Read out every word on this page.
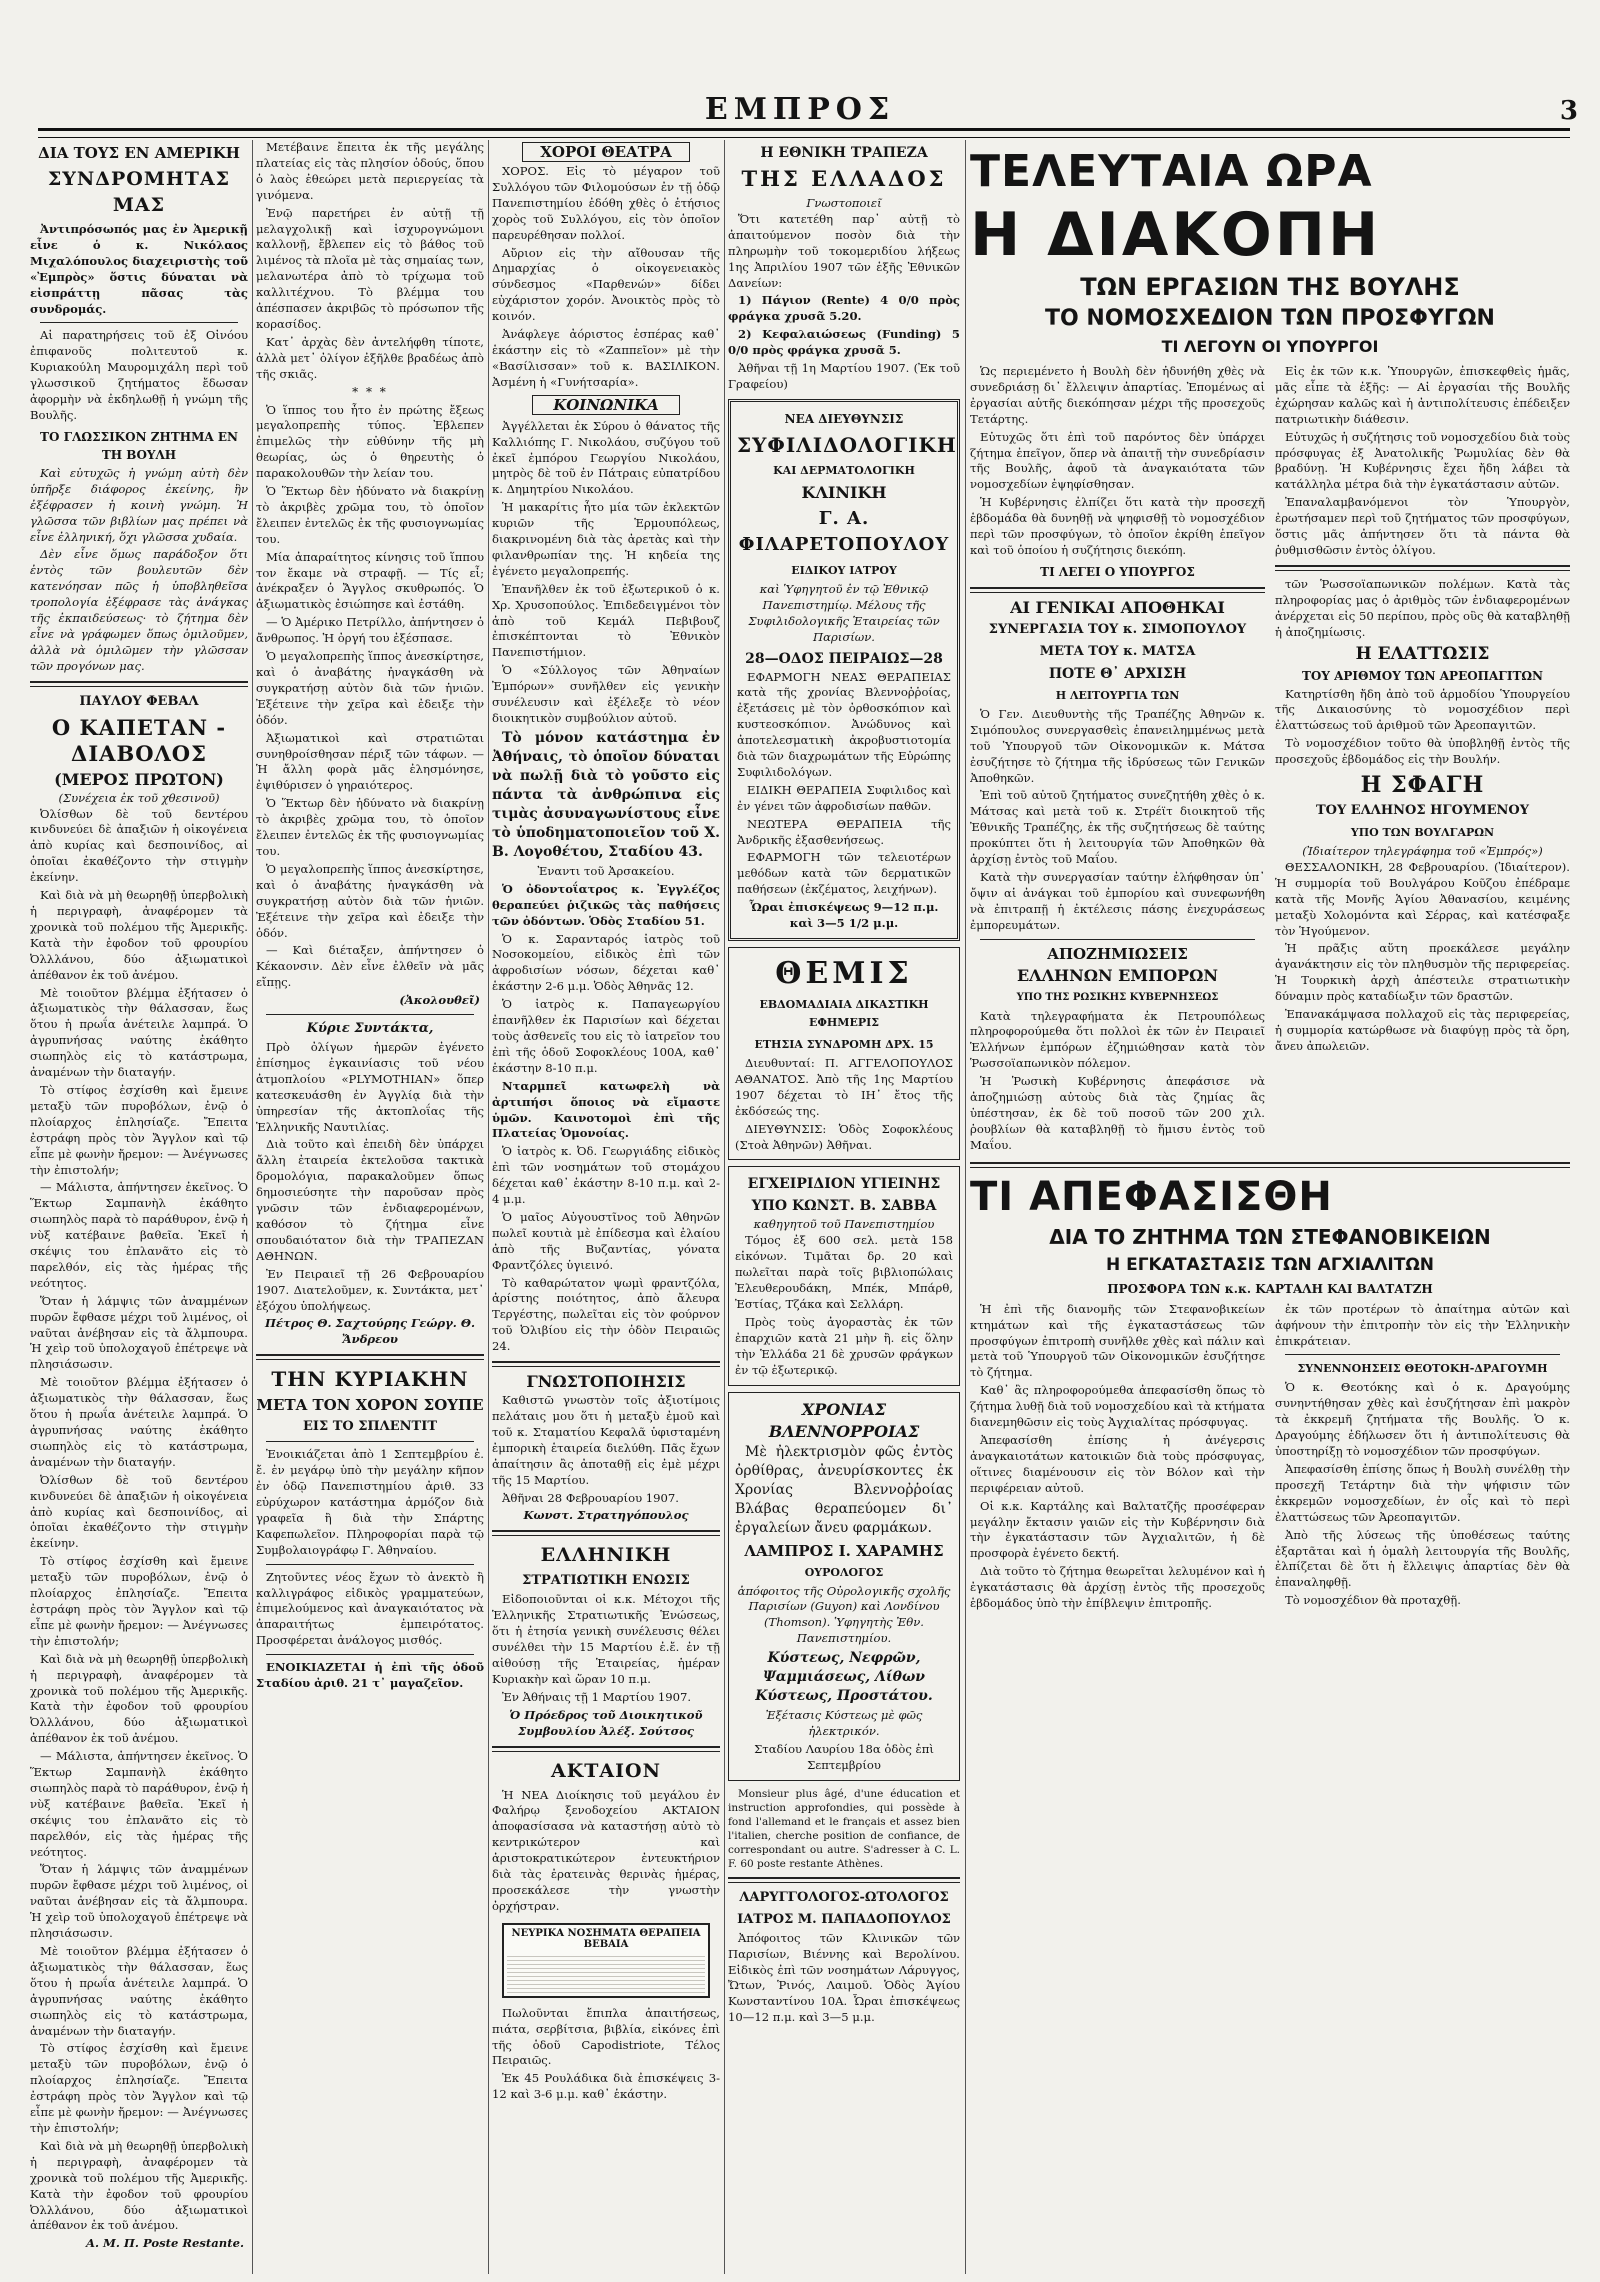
ΕΜΠΡΟΣ	3
ΔΙΑ ΤΟΥΣ ΕΝ ΑΜΕΡΙΚΗ
ΣΥΝΔΡΟΜΗΤΑΣ ΜΑΣ

Ἀντιπρόσωπός μας ἐν Ἀμερικῇ εἶνε ὁ κ. Νικόλαος Μιχαλόπουλος διαχειριστὴς τοῦ «Ἐμπρὸς» ὅστις δύναται νὰ εἰσπράττῃ πᾶσας τὰς συνδρομάς.

Αἱ παρατηρήσεις τοῦ ἐξ Οἰνόου ἐπιφανοῦς πολιτευτοῦ κ. Κυριακούλη Μαυρομιχάλη περὶ τοῦ γλωσσικοῦ ζητήματος ἔδωσαν ἀφορμὴν νὰ ἐκδηλωθῇ ἡ γνώμη τῆς Βουλῆς.

ΤΟ ΓΛΩΣΣΙΚΟΝ ΖΗΤΗΜΑ ΕΝ ΤΗ ΒΟΥΛΗ

Καὶ εὐτυχῶς ἡ γνώμη αὐτὴ δὲν ὑπῆρξε διάφορος ἐκείνης, ἣν ἐξέφρασεν ἡ κοινὴ γνώμη. Ἡ γλῶσσα τῶν βιβλίων μας πρέπει νὰ εἶνε ἐλληνική, ὅχι γλῶσσα χυδαία.

Δὲν εἶνε ὅμως παράδοξον ὅτι ἐντὸς τῶν βουλευτῶν δὲν κατενόησαν πῶς ἡ ὑποβληθεῖσα τροπολογία ἐξέφρασε τὰς ἀνάγκας τῆς ἐκπαιδεύσεως· τὸ ζήτημα δὲν εἶνε νὰ γράφωμεν ὅπως ὁμιλοῦμεν, ἀλλὰ νὰ ὁμιλῶμεν τὴν γλῶσσαν τῶν προγόνων μας.

ΠΑΥΛΟΥ ΦΕΒΑΛ
Ο ΚΑΠΕΤΑΝ - ΔΙΑΒΟΛΟΣ
(ΜΕΡΟΣ ΠΡΩΤΟΝ)
(Συνέχεια ἐκ τοῦ χθεσινοῦ)

Ὀλίσθων δὲ τοῦ δεντέρου κινδυνεύει δὲ ἀπαξιῶν ἡ οἰκογένεια ἀπὸ κυρίας καὶ δεσποινίδος, αἱ ὁποῖαι ἐκαθέζοντο τὴν στιγμὴν ἐκείνην.

Καὶ διὰ νὰ μὴ θεωρηθῇ ὑπερβολικὴ ἡ περιγραφὴ, ἀναφέρομεν τὰ χρονικὰ τοῦ πολέμου τῆς Ἀμερικῆς. Κατὰ τὴν ἐφοδον τοῦ φρουρίου Ὀλλλάνου, δύο ἀξιωματικοὶ ἀπέθανον ἐκ τοῦ ἀνέμου.

Μὲ τοιοῦτον βλέμμα ἐξήτασεν ὁ ἀξιωματικὸς τὴν θάλασσαν, ἕως ὅτου ἡ πρωΐα ἀνέτειλε λαμπρά. Ὁ ἀγρυπνήσας ναύτης ἐκάθητο σιωπηλὸς εἰς τὸ κατάστρωμα, ἀναμένων τὴν διαταγήν.

Τὸ στίφος ἐσχίσθη καὶ ἔμεινε μεταξὺ τῶν πυροβόλων, ἐνῷ ὁ πλοίαρχος ἐπλησίαζε. Ἔπειτα ἐστράφη πρὸς τὸν Ἄγγλον καὶ τῷ εἶπε μὲ φωνὴν ἤρεμον: — Ἀνέγνωσες τὴν ἐπιστολήν;

— Μάλιστα, ἀπήντησεν ἐκεῖνος. Ὁ Ἕκτωρ Σαμπανὴλ ἐκάθητο σιωπηλὸς παρὰ τὸ παράθυρον, ἐνῷ ἡ νὺξ κατέβαινε βαθεῖα. Ἐκεῖ ἡ σκέψις του ἐπλανᾶτο εἰς τὸ παρελθόν, εἰς τὰς ἡμέρας τῆς νεότητος.

Ὅταν ἡ λάμψις τῶν ἀναμμένων πυρῶν ἔφθασε μέχρι τοῦ λιμένος, οἱ ναῦται ἀνέβησαν εἰς τὰ ἄλμπουρα. Ἡ χεὶρ τοῦ ὑπολοχαγοῦ ἐπέτρεψε νὰ πλησιάσωσιν.

Μὲ τοιοῦτον βλέμμα ἐξήτασεν ὁ ἀξιωματικὸς τὴν θάλασσαν, ἕως ὅτου ἡ πρωΐα ἀνέτειλε λαμπρά. Ὁ ἀγρυπνήσας ναύτης ἐκάθητο σιωπηλὸς εἰς τὸ κατάστρωμα, ἀναμένων τὴν διαταγήν.

Ὀλίσθων δὲ τοῦ δεντέρου κινδυνεύει δὲ ἀπαξιῶν ἡ οἰκογένεια ἀπὸ κυρίας καὶ δεσποινίδος, αἱ ὁποῖαι ἐκαθέζοντο τὴν στιγμὴν ἐκείνην.

Τὸ στίφος ἐσχίσθη καὶ ἔμεινε μεταξὺ τῶν πυροβόλων, ἐνῷ ὁ πλοίαρχος ἐπλησίαζε. Ἔπειτα ἐστράφη πρὸς τὸν Ἄγγλον καὶ τῷ εἶπε μὲ φωνὴν ἤρεμον: — Ἀνέγνωσες τὴν ἐπιστολήν;

Καὶ διὰ νὰ μὴ θεωρηθῇ ὑπερβολικὴ ἡ περιγραφὴ, ἀναφέρομεν τὰ χρονικὰ τοῦ πολέμου τῆς Ἀμερικῆς. Κατὰ τὴν ἐφοδον τοῦ φρουρίου Ὀλλλάνου, δύο ἀξιωματικοὶ ἀπέθανον ἐκ τοῦ ἀνέμου.

— Μάλιστα, ἀπήντησεν ἐκεῖνος. Ὁ Ἕκτωρ Σαμπανὴλ ἐκάθητο σιωπηλὸς παρὰ τὸ παράθυρον, ἐνῷ ἡ νὺξ κατέβαινε βαθεῖα. Ἐκεῖ ἡ σκέψις του ἐπλανᾶτο εἰς τὸ παρελθόν, εἰς τὰς ἡμέρας τῆς νεότητος.

Ὅταν ἡ λάμψις τῶν ἀναμμένων πυρῶν ἔφθασε μέχρι τοῦ λιμένος, οἱ ναῦται ἀνέβησαν εἰς τὰ ἄλμπουρα. Ἡ χεὶρ τοῦ ὑπολοχαγοῦ ἐπέτρεψε νὰ πλησιάσωσιν.

Μὲ τοιοῦτον βλέμμα ἐξήτασεν ὁ ἀξιωματικὸς τὴν θάλασσαν, ἕως ὅτου ἡ πρωΐα ἀνέτειλε λαμπρά. Ὁ ἀγρυπνήσας ναύτης ἐκάθητο σιωπηλὸς εἰς τὸ κατάστρωμα, ἀναμένων τὴν διαταγήν.

Τὸ στίφος ἐσχίσθη καὶ ἔμεινε μεταξὺ τῶν πυροβόλων, ἐνῷ ὁ πλοίαρχος ἐπλησίαζε. Ἔπειτα ἐστράφη πρὸς τὸν Ἄγγλον καὶ τῷ εἶπε μὲ φωνὴν ἤρεμον: — Ἀνέγνωσες τὴν ἐπιστολήν;

Καὶ διὰ νὰ μὴ θεωρηθῇ ὑπερβολικὴ ἡ περιγραφὴ, ἀναφέρομεν τὰ χρονικὰ τοῦ πολέμου τῆς Ἀμερικῆς. Κατὰ τὴν ἐφοδον τοῦ φρουρίου Ὀλλλάνου, δύο ἀξιωματικοὶ ἀπέθανον ἐκ τοῦ ἀνέμου.

Α. Μ. Π. Poste Restante.

Μετέβαινε ἔπειτα ἐκ τῆς μεγάλης πλατείας εἰς τὰς πλησίον ὁδούς, ὅπου ὁ λαὸς ἐθεώρει μετὰ περιεργείας τὰ γινόμενα.

Ἐνῷ παρετήρει ἐν αὐτῇ τῇ μελαγχολικῇ καὶ ἰσχυρογνώμονι καλλονῇ, ἔβλεπεν εἰς τὸ βάθος τοῦ λιμένος τὰ πλοῖα μὲ τὰς σημαίας των, μελανωτέρα ἀπὸ τὸ τρίχωμα τοῦ καλλιτέχνου. Τὸ βλέμμα του ἀπέσπασεν ἀκριβῶς τὸ πρόσωπον τῆς κορασίδος.

Κατ᾽ ἀρχὰς δὲν ἀντελήφθη τίποτε, ἀλλὰ μετ᾽ ὀλίγον ἐξῆλθε βραδέως ἀπὸ τῆς σκιᾶς.

* * *

Ὁ ἵππος του ἦτο ἐν πρώτης ἔξεως μεγαλοπρεπὴς τύπος. Ἐβλεπεν ἐπιμελῶς τὴν εὐθύνην τῆς μὴ θεωρίας, ὡς ὁ θηρευτὴς ὁ παρακολουθῶν τὴν λείαν του.

Ὁ Ἕκτωρ δὲν ἠδύνατο νὰ διακρίνῃ τὸ ἀκριβὲς χρῶμα του, τὸ ὁποῖον ἔλειπεν ἐντελῶς ἐκ τῆς φυσιογνωμίας του.

Μία ἀπαραίτητος κίνησις τοῦ ἵππου τον ἔκαμε νὰ στραφῇ. — Τίς εἶ; ἀνέκραξεν ὁ Ἄγγλος σκυθρωπός. Ὁ ἀξιωματικὸς ἐσιώπησε καὶ ἐστάθη.

— Ὁ Ἀμέρικο Πετρίλλο, ἀπήντησεν ὁ ἄνθρωπος. Ἡ ὀργή του ἐξέσπασε.

Ὁ μεγαλοπρεπὴς ἵππος ἀνεσκίρτησε, καὶ ὁ ἀναβάτης ἠναγκάσθη νὰ συγκρατήσῃ αὐτὸν διὰ τῶν ἡνιῶν. Ἐξέτεινε τὴν χεῖρα καὶ ἐδειξε τὴν ὁδόν.

Ἀξιωματικοὶ καὶ στρατιῶται συνηθροίσθησαν πέριξ τῶν τάφων. — Ἡ ἄλλη φορὰ μᾶς ἐλησμόνησε, ἐψιθύρισεν ὁ γηραιότερος.

Ὁ Ἕκτωρ δὲν ἠδύνατο νὰ διακρίνῃ τὸ ἀκριβὲς χρῶμα του, τὸ ὁποῖον ἔλειπεν ἐντελῶς ἐκ τῆς φυσιογνωμίας του.

Ὁ μεγαλοπρεπὴς ἵππος ἀνεσκίρτησε, καὶ ὁ ἀναβάτης ἠναγκάσθη νὰ συγκρατήσῃ αὐτὸν διὰ τῶν ἡνιῶν. Ἐξέτεινε τὴν χεῖρα καὶ ἐδειξε τὴν ὁδόν.

— Καὶ διέταξεν, ἀπήντησεν ὁ Κέκαονσιν. Δὲν εἶνε ἐλθεῖν νὰ μᾶς εἴπῃς.

(Ἀκολουθεῖ)
Κύριε Συντάκτα,

Πρὸ ὀλίγων ἡμερῶν ἐγένετο ἐπίσημος ἐγκαινίασις τοῦ νέου ἀτμοπλοίου «PLYMOTHIAN» ὅπερ κατεσκευάσθη ἐν Ἀγγλίᾳ διὰ τὴν ὑπηρεσίαν τῆς ἀκτοπλοΐας τῆς Ἑλληνικῆς Ναυτιλίας.

Διὰ τοῦτο καὶ ἐπειδὴ δὲν ὑπάρχει ἄλλη ἐταιρεία ἐκτελοῦσα τακτικὰ δρομολόγια, παρακαλοῦμεν ὅπως δημοσιεύσητε τὴν παροῦσαν πρὸς γνῶσιν τῶν ἐνδιαφερομένων, καθόσον τὸ ζήτημα εἶνε σπουδαιότατον διὰ τὴν ΤΡΑΠΕΖΑΝ ΑΘΗΝΩΝ.

Ἐν Πειραιεῖ τῇ 26 Φεβρουαρίου 1907. Διατελοῦμεν, κ. Συντάκτα, μετ᾽ ἐξόχου ὑπολήψεως.

Πέτρος Θ. Σαχτούρης Γεώργ. Θ. Ἄνδρεου
ΤΗΝ ΚΥΡΙΑΚΗΝ
ΜΕΤΑ ΤΟΝ ΧΟΡΟΝ ΣΟΥΠΕ
ΕΙΣ ΤΟ ΣΠΛΕΝΤΙΤ

Ἐνοικιάζεται ἀπὸ 1 Σεπτεμβρίου ἐ. ἔ. ἐν μεγάρῳ ὑπὸ τὴν μεγάλην κῆπον ἐν ὁδῷ Πανεπιστημίου ἀριθ. 33 εὐρύχωρον κατάστημα ἁρμόζον διὰ γραφεῖα ἢ διὰ τὴν Σπάρτης Καφεπωλεῖον. Πληροφορίαι παρὰ τῷ Συμβολαιογράφῳ Γ. Ἀθηναίου.

Ζητοῦντες νέος ἔχων τὸ ἀνεκτὸ ἢ καλλιγράφος εἰδικὸς γραμματεύων, ἐπιμελούμενος καὶ ἀναγκαιότατος νὰ ἀπαραιτήτως ἐμπειρότατος. Προσφέρεται ἀνάλογος μισθός.

ΕΝΟΙΚΙΑΖΕΤΑΙ ἡ ἐπὶ τῆς ὁδοῦ Σταδίου ἀριθ. 21 τ᾽ μαγαζεῖον.

ΧΟΡΟΙ ΘΕΑΤΡΑ

ΧΟΡΟΣ. Εἰς τὸ μέγαρον τοῦ Συλλόγου τῶν Φιλομούσων ἐν τῇ ὁδῷ Πανεπιστημίου ἐδόθη χθὲς ὁ ἐτήσιος χορὸς τοῦ Συλλόγου, εἰς τὸν ὁποῖον παρευρέθησαν πολλοί.

Αὔριον εἰς τὴν αἴθουσαν τῆς Δημαρχίας ὁ οἰκογενειακὸς σύνδεσμος «Παρθενών» δίδει εὐχάριστον χορόν. Ἀνοικτὸς πρὸς τὸ κοινόν.

Ἀνάφλεγε ἀόριστος ἐσπέρας καθ᾽ ἑκάστην εἰς τὸ «Ζαππεῖον» μὲ τὴν «Βασίλισσαν» τοῦ κ. ΒΑΣΙΛΙΚΟΝ. Ἀσμένη ἡ «Γυνήτσαρία».

ΚΟΙΝΩΝΙΚΑ

Ἀγγέλλεται ἐκ Σύρου ὁ θάνατος τῆς Καλλιόπης Γ. Νικολάου, συζύγου τοῦ ἐκεῖ ἐμπόρου Γεωργίου Νικολάου, μητρὸς δὲ τοῦ ἐν Πάτραις εὐπατρίδου κ. Δημητρίου Νικολάου.

Ἡ μακαρίτις ἦτο μία τῶν ἐκλεκτῶν κυριῶν τῆς Ἑρμουπόλεως, διακρινομένη διὰ τὰς ἀρετὰς καὶ τὴν φιλανθρωπίαν της. Ἡ κηδεία της ἐγένετο μεγαλοπρεπής.

Ἐπανῆλθεν ἐκ τοῦ ἐξωτερικοῦ ὁ κ. Χρ. Χρυσοπούλος. Ἐπιδεδειγμένοι τὸν ἀπὸ τοῦ Κεμάλ Πεβιβουζ ἐπισκέπτονται τὸ Ἐθνικὸν Πανεπιστήμιον.

Ὁ «Σύλλογος τῶν Ἀθηναίων Ἐμπόρων» συνῆλθεν εἰς γενικὴν συνέλευσιν καὶ ἐξέλεξε τὸ νέον διοικητικὸν συμβούλιον αὐτοῦ.

Τὸ μόνον κατάστημα ἐν Ἀθήναις, τὸ ὁποῖον δύναται νὰ πωλῇ διὰ τὸ γοῦστο εἰς πάντα τὰ ἀνθρώπινα εἰς τιμὰς ἀσυναγωνίστους εἶνε τὸ ὑποδηματοποιεῖον τοῦ Χ. Β. Λογοθέτου, Σταδίου 43.

Ἐναντι τοῦ Ἀρσακείου.

Ὁ ὀδοντοΐατρος κ. Ἐγγλέζος θεραπεύει ῥιζικῶς τὰς παθήσεις τῶν ὀδόντων. Ὁδὸς Σταδίου 51.

Ὁ κ. Σαρανταρός ἰατρὸς τοῦ Νοσοκομείου, εἰδικὸς ἐπὶ τῶν ἀφροδισίων νόσων, δέχεται καθ᾽ ἑκάστην 2-6 μ.μ. Ὁδὸς Ἀθηνᾶς 12.

Ὁ ἰατρὸς κ. Παπαγεωργίου ἐπανῆλθεν ἐκ Παρισίων καὶ δέχεται τοὺς ἀσθενεῖς του εἰς τὸ ἰατρεῖον του ἐπὶ τῆς ὁδοῦ Σοφοκλέους 100Α, καθ᾽ ἑκάστην 8-10 π.μ.

Νταρμπεῖ κατωφελὴ νὰ ἀρτιπήσι ὅποιος νὰ εἴμαστε ὑμῶν. Καινοτομοὶ ἐπὶ τῆς Πλατείας Ὁμονοίας.

Ὁ ἰατρὸς κ. Ὀδ. Γεωργιάδης εἰδικὸς ἐπὶ τῶν νοσημάτων τοῦ στομάχου δέχεται καθ᾽ ἑκάστην 8-10 π.μ. καὶ 2-4 μ.μ.

Ὁ μαῖος Αὐγουστῖνος τοῦ Ἀθηνῶν πωλεῖ κουτιὰ μὲ ἐπίδεσμα καὶ ἐλαίου ἀπὸ τῆς Βυζαντίας, γόνατα Φραντζόλες ὑγιεινό.

Τὸ καθαρώτατον ψωμὶ φραντζόλα, ἀρίστης ποιότητος, ἀπὸ ἄλευρα Τεργέστης, πωλεῖται εἰς τὸν φούρνον τοῦ Ὀλιβίου εἰς τὴν ὁδὸν Πειραιῶς 24.

ΓΝΩΣΤΟΠΟΙΗΣΙΣ

Καθιστῶ γνωστὸν τοῖς ἀξιοτίμοις πελάταις μου ὅτι ἡ μεταξὺ ἐμοῦ καὶ τοῦ κ. Σταματίου Κεφαλᾶ ὑφισταμένη ἐμπορικὴ ἑταιρεία διελύθη. Πᾶς ἔχων ἀπαίτησιν ἂς ἀποταθῇ εἰς ἐμὲ μέχρι τῆς 15 Μαρτίου.

Ἀθῆναι 28 Φεβρουαρίου 1907.

Κωνστ. Στρατηγόπουλος
ΕΛΛΗΝΙΚΗ
ΣΤΡΑΤΙΩΤΙΚΗ ΕΝΩΣΙΣ

Εἰδοποιοῦνται οἱ κ.κ. Μέτοχοι τῆς Ἑλληνικῆς Στρατιωτικῆς Ἑνώσεως, ὅτι ἡ ἐτησία γενικὴ συνέλευσις θέλει συνέλθει τὴν 15 Μαρτίου ἐ.ἔ. ἐν τῇ αἰθούσῃ τῆς Ἑταιρείας, ἡμέραν Κυριακὴν καὶ ὥραν 10 π.μ.

Ἐν Ἀθήναις τῇ 1 Μαρτίου 1907.

Ὁ Πρόεδρος τοῦ Διοικητικοῦ Συμβουλίου Ἀλέξ. Σούτσος
ΑΚΤΑΙΟΝ

Ἡ ΝΕΑ Διοίκησις τοῦ μεγάλου ἐν Φαλήρῳ ξενοδοχείου ΑΚΤΑΙΟΝ ἀποφασίσασα νὰ καταστήσῃ αὐτὸ τὸ κεντρικώτερον καὶ ἀριστοκρατικώτερον ἐντευκτήριον διὰ τὰς ἐρατεινὰς θερινὰς ἡμέρας, προσεκάλεσε τὴν γνωστὴν ὀρχήστραν.

ΝΕΥΡΙΚΑ ΝΟΣΗΜΑΤΑ ΘΕΡΑΠΕΙΑ ΒΕΒΑΙΑ

Πωλοῦνται ἔπιπλα ἀπαιτήσεως, πιάτα, σερβίτσια, βιβλία, εἰκόνες ἐπὶ τῆς ὁδοῦ Capodistriote, Τέλος Πειραιῶς.

Ἐκ 45 Ρουλάδικα διὰ ἐπισκέψεις 3-12 καὶ 3-6 μ.μ. καθ᾽ ἑκάστην.

Η ΕΘΝΙΚΗ ΤΡΑΠΕΖΑ
ΤΗΣ ΕΛΛΑΔΟΣ
Γνωστοποιεῖ

Ὅτι κατετέθη παρ᾽ αὐτῇ τὸ ἀπαιτούμενον ποσὸν διὰ τὴν πληρωμὴν τοῦ τοκομεριδίου λήξεως 1ης Ἀπριλίου 1907 τῶν ἑξῆς Ἐθνικῶν Δανείων:

1) Πάγιον (Rente) 4 0/0 πρὸς φράγκα χρυσᾶ 5.20.

2) Κεφαλαιώσεως (Funding) 5 0/0 πρὸς φράγκα χρυσᾶ 5.

Ἀθῆναι τῇ 1η Μαρτίου 1907. (Ἐκ τοῦ Γραφείου)

ΝΕΑ ΔΙΕΥΘΥΝΣΙΣ
ΣΥΦΙΛΙΔΟΛΟΓΙΚΗ
ΚΑΙ ΔΕΡΜΑΤΟΛΟΓΙΚΗ
ΚΛΙΝΙΚΗ
Γ. Α. ΦΙΛΑΡΕΤΟΠΟΥΛΟΥ
ΕΙΔΙΚΟΥ ΙΑΤΡΟΥ

καὶ Ὑφηγητοῦ ἐν τῷ Ἐθνικῷ Πανεπιστημίῳ. Μέλους τῆς Συφιλιδολογικῆς Ἑταιρείας τῶν Παρισίων.

28—ΟΔΟΣ ΠΕΙΡΑΙΩΣ—28

ΕΦΑΡΜΟΓΗ ΝΕΑΣ ΘΕΡΑΠΕΙΑΣ κατὰ τῆς χρονίας Βλεννοῤῥοίας, ἐξετάσεις μὲ τὸν ὀρθοσκόπιον καὶ κυστεοσκόπιον. Ἀνώδυνος καὶ ἀποτελεσματικὴ ἀκροβυστιοτομία διὰ τῶν διαχρωμάτων τῆς Εὐρώπης Συφιλιδολόγων.

ΕΙΔΙΚΗ ΘΕΡΑΠΕΙΑ Συφιλιδος καὶ ἐν γένει τῶν ἀφροδισίων παθῶν.

ΝΕΩΤΕΡΑ ΘΕΡΑΠΕΙΑ τῆς Ἀνδρικῆς ἐξασθενήσεως.

ΕΦΑΡΜΟΓΗ τῶν τελειοτέρων μεθόδων κατὰ τῶν δερματικῶν παθήσεων (ἐκζέματος, λειχήνων).

Ὧραι ἐπισκέψεως 9—12 π.μ. καὶ 3—5 1/2 μ.μ.

ΘΕΜΙΣ
ΕΒΔΟΜΑΔΙΑΙΑ ΔΙΚΑΣΤΙΚΗ ΕΦΗΜΕΡΙΣ
ΕΤΗΣΙΑ ΣΥΝΔΡΟΜΗ ΔΡΧ. 15

Διευθυνταί: Π. ΑΓΓΕΛΟΠΟΥΛΟΣ ΑΘΑΝΑΤΟΣ. Ἀπὸ τῆς 1ης Μαρτίου 1907 δέχεται τὸ ΙΗ᾽ ἔτος τῆς ἐκδόσεώς της.

ΔΙΕΥΘΥΝΣΙΣ: Ὁδὸς Σοφοκλέους (Στοὰ Ἀθηνῶν) Ἀθῆναι.

ΕΓΧΕΙΡΙΔΙΟΝ ΥΓΙΕΙΝΗΣ
ΥΠΟ ΚΩΝΣΤ. Β. ΣΑΒΒΑ
καθηγητοῦ τοῦ Πανεπιστημίου

Τόμος ἐξ 600 σελ. μετὰ 158 εἰκόνων. Τιμᾶται δρ. 20 καὶ πωλεῖται παρὰ τοῖς βιβλιοπώλαις Ἐλευθερουδάκη, Μπέκ, Μπάρθ, Ἐστίας, Τζάκα καὶ Σελλάρη.

Πρὸς τοὺς ἀγοραστὰς ἐκ τῶν ἐπαρχιῶν κατὰ 21 μὴν ἢ. εἰς ὅλην τὴν Ἑλλάδα 21 δὲ χρυσῶν φράγκων ἐν τῷ ἐξωτερικῷ.

ΧΡΟΝΙΑΣ
ΒΛΕΝΝΟΡΡΟΙΑΣ

Μὲ ἠλεκτρισμὸν φῶς ἐντὸς ὀρθίθρας, ἀνευρίσκοντες ἐκ Χρονίας Βλεννοῤῥοίας Βλάβας θεραπεύομεν δι᾽ ἐργαλείων ἄνευ φαρμάκων.

ΛΑΜΠΡΟΣ Ι. ΧΑΡΑΜΗΣ
ΟΥΡΟΛΟΓΟΣ

ἀπόφοιτος τῆς Οὐρολογικῆς σχολῆς Παρισίων (Guyon) καὶ Λονδίνου (Thomson). Ὑφηγητὴς Ἐθν. Πανεπιστημίου.

Κύστεως, Νεφρῶν, Ψαμμιάσεως, Λίθων Κύστεως, Προστάτου.

Ἐξέτασις Κύστεως μὲ φῶς ἠλεκτρικόν.

Σταδίου Λαυρίου 18α ὁδὸς ἐπὶ Σεπτεμβρίου

Monsieur plus âgé, d'une éducation et instruction approfondies, qui possède à fond l'allemand et le français et assez bien l'italien, cherche position de confiance, de correspondant ou autre. S'adresser à C. L. F. 60 poste restante Athènes.

ΛΑΡΥΓΓΟΛΟΓΟΣ-ΩΤΟΛΟΓΟΣ
ΙΑΤΡΟΣ Μ. ΠΑΠΑΔΟΠΟΥΛΟΣ

Ἀπόφοιτος τῶν Κλινικῶν τῶν Παρισίων, Βιέννης καὶ Βερολίνου. Εἰδικὸς ἐπὶ τῶν νοσημάτων Λάρυγγος, Ὤτων, Ῥινός, Λαιμοῦ. Ὁδὸς Ἁγίου Κωνσταντίνου 10Α. Ὧραι ἐπισκέψεως 10—12 π.μ. καὶ 3—5 μ.μ.

ΤΕΛΕΥΤΑΙΑ ΩΡΑ
Η ΔΙΑΚΟΠΗ
ΤΩΝ ΕΡΓΑΣΙΩΝ ΤΗΣ ΒΟΥΛΗΣ
ΤΟ ΝΟΜΟΣΧΕΔΙΟΝ ΤΩΝ ΠΡΟΣΦΥΓΩΝ
ΤΙ ΛΕΓΟΥΝ ΟΙ ΥΠΟΥΡΓΟΙ

Ὡς περιεμένετο ἡ Βουλὴ δὲν ἠδυνήθη χθὲς νὰ συνεδριάσῃ δι᾽ ἔλλειψιν ἀπαρτίας. Ἐπομένως αἱ ἐργασίαι αὐτῆς διεκόπησαν μέχρι τῆς προσεχοῦς Τετάρτης.

Εὐτυχῶς ὅτι ἐπὶ τοῦ παρόντος δὲν ὑπάρχει ζήτημα ἐπεῖγον, ὅπερ νὰ ἀπαιτῇ τὴν συνεδρίασιν τῆς Βουλῆς, ἀφοῦ τὰ ἀναγκαιότατα τῶν νομοσχεδίων ἐψηφίσθησαν.

Ἡ Κυβέρνησις ἐλπίζει ὅτι κατὰ τὴν προσεχῆ ἑβδομάδα θὰ δυνηθῇ νὰ ψηφισθῇ τὸ νομοσχέδιον περὶ τῶν προσφύγων, τὸ ὁποῖον ἐκρίθη ἐπεῖγον καὶ τοῦ ὁποίου ἡ συζήτησις διεκόπη.

ΤΙ ΛΕΓΕΙ Ο ΥΠΟΥΡΓΟΣ
ΑΙ ΓΕΝΙΚΑΙ ΑΠΟΘΗΚΑΙ
ΣΥΝΕΡΓΑΣΙΑ ΤΟΥ κ. ΣΙΜΟΠΟΥΛΟΥ
ΜΕΤΑ ΤΟΥ κ. ΜΑΤΣΑ
ΠΟΤΕ Θ᾽ ΑΡΧΙΣΗ
Η ΛΕΙΤΟΥΡΓΙΑ ΤΩΝ

Ὁ Γεν. Διευθυντὴς τῆς Τραπέζης Ἀθηνῶν κ. Σιμόπουλος συνεργασθεὶς ἐπανειλημμένως μετὰ τοῦ Ὑπουργοῦ τῶν Οἰκονομικῶν κ. Μάτσα ἐσυζήτησε τὸ ζήτημα τῆς ἱδρύσεως τῶν Γενικῶν Ἀποθηκῶν.

Ἐπὶ τοῦ αὐτοῦ ζητήματος συνεζητήθη χθὲς ὁ κ. Μάτσας καὶ μετὰ τοῦ κ. Στρέϊτ διοικητοῦ τῆς Ἐθνικῆς Τραπέζης, ἐκ τῆς συζητήσεως δὲ ταύτης προκύπτει ὅτι ἡ λειτουργία τῶν Ἀποθηκῶν θὰ ἀρχίσῃ ἐντὸς τοῦ Μαΐου.

Κατὰ τὴν συνεργασίαν ταύτην ἐλήφθησαν ὑπ᾽ ὄψιν αἱ ἀνάγκαι τοῦ ἐμπορίου καὶ συνεφωνήθη νὰ ἐπιτραπῇ ἡ ἐκτέλεσις πάσης ἐνεχυράσεως ἐμπορευμάτων.

ΑΠΟΖΗΜΙΩΣΕΙΣ
ΕΛΛΗΝΩΝ ΕΜΠΟΡΩΝ
ΥΠΟ ΤΗΣ ΡΩΣΙΚΗΣ ΚΥΒΕΡΝΗΣΕΩΣ

Κατὰ τηλεγραφήματα ἐκ Πετρουπόλεως πληροφορούμεθα ὅτι πολλοὶ ἐκ τῶν ἐν Πειραιεῖ Ἑλλήνων ἐμπόρων ἐζημιώθησαν κατὰ τὸν Ῥωσσοϊαπωνικὸν πόλεμον.

Ἡ Ῥωσικὴ Κυβέρνησις ἀπεφάσισε νὰ ἀποζημιώσῃ αὐτοὺς διὰ τὰς ζημίας ἃς ὑπέστησαν, ἐκ δὲ τοῦ ποσοῦ τῶν 200 χιλ. ῥουβλίων θὰ καταβληθῇ τὸ ἥμισυ ἐντὸς τοῦ Μαΐου.

Εἰς ἐκ τῶν κ.κ. Ὑπουργῶν, ἐπισκεφθεὶς ἡμᾶς, μᾶς εἶπε τὰ ἑξῆς: — Αἱ ἐργασίαι τῆς Βουλῆς ἐχώρησαν καλῶς καὶ ἡ ἀντιπολίτευσις ἐπέδειξεν πατριωτικὴν διάθεσιν.

Εὐτυχῶς ἡ συζήτησις τοῦ νομοσχεδίου διὰ τοὺς πρόσφυγας ἐξ Ἀνατολικῆς Ῥωμυλίας δὲν θὰ βραδύνῃ. Ἡ Κυβέρνησις ἔχει ἤδη λάβει τὰ κατάλληλα μέτρα διὰ τὴν ἐγκατάστασιν αὐτῶν.

Ἐπαναλαμβανόμενοι τὸν Ὑπουργὸν, ἐρωτήσαμεν περὶ τοῦ ζητήματος τῶν προσφύγων, ὅστις μᾶς ἀπήντησεν ὅτι τὰ πάντα θὰ ῥυθμισθῶσιν ἐντὸς ὀλίγου.

τῶν Ῥωσσοϊαπωνικῶν πολέμων. Κατὰ τὰς πληροφορίας μας ὁ ἀριθμὸς τῶν ἐνδιαφερομένων ἀνέρχεται εἰς 50 περίπου, πρὸς οὓς θὰ καταβληθῇ ἡ ἀποζημίωσις.

Η ΕΛΑΤΤΩΣΙΣ
ΤΟΥ ΑΡΙΘΜΟΥ ΤΩΝ ΑΡΕΟΠΑΓΙΤΩΝ

Κατηρτίσθη ἤδη ἀπὸ τοῦ ἁρμοδίου Ὑπουργείου τῆς Δικαιοσύνης τὸ νομοσχέδιον περὶ ἐλαττώσεως τοῦ ἀριθμοῦ τῶν Ἀρεοπαγιτῶν.

Τὸ νομοσχέδιον τοῦτο θὰ ὑποβληθῇ ἐντὸς τῆς προσεχοῦς ἑβδομάδος εἰς τὴν Βουλήν.

Η ΣΦΑΓΗ
ΤΟΥ ΕΛΛΗΝΟΣ ΗΓΟΥΜΕΝΟΥ
ΥΠΟ ΤΩΝ ΒΟΥΛΓΑΡΩΝ
(Ἰδιαίτερον τηλεγράφημα τοῦ «Ἐμπρός»)

ΘΕΣΣΑΛΟΝΙΚΗ, 28 Φεβρουαρίου. (Ἰδιαίτερον). Ἡ συμμορία τοῦ Βουλγάρου Κοῦζου ἐπέδραμε κατὰ τῆς Μονῆς Ἁγίου Ἀθανασίου, κειμένης μεταξὺ Χολομόντα καὶ Σέρρας, καὶ κατέσφαξε τὸν Ἡγούμενον.

Ἡ πρᾶξις αὕτη προεκάλεσε μεγάλην ἀγανάκτησιν εἰς τὸν πληθυσμὸν τῆς περιφερείας. Ἡ Τουρκικὴ ἀρχὴ ἀπέστειλε στρατιωτικὴν δύναμιν πρὸς καταδίωξιν τῶν δραστῶν.

Ἐπανακάμψασα πολλαχοῦ εἰς τὰς περιφερείας, ἡ συμμορία κατώρθωσε νὰ διαφύγῃ πρὸς τὰ ὄρη, ἄνευ ἀπωλειῶν.

ΤΙ ΑΠΕΦΑΣΙΣΘΗ
ΔΙΑ ΤΟ ΖΗΤΗΜΑ ΤΩΝ ΣΤΕΦΑΝΟΒΙΚΕΙΩΝ
Η ΕΓΚΑΤΑΣΤΑΣΙΣ ΤΩΝ ΑΓΧΙΑΛΙΤΩΝ
ΠΡΟΣΦΟΡΑ ΤΩΝ κ.κ. ΚΑΡΤΑΛΗ ΚΑΙ ΒΑΛΤΑΤΖΗ

Ἡ ἐπὶ τῆς διανομῆς τῶν Στεφανοβικείων κτημάτων καὶ τῆς ἐγκαταστάσεως τῶν προσφύγων ἐπιτροπὴ συνῆλθε χθὲς καὶ πάλιν καὶ μετὰ τοῦ Ὑπουργοῦ τῶν Οἰκονομικῶν ἐσυζήτησε τὸ ζήτημα.

Καθ᾽ ἃς πληροφορούμεθα ἀπεφασίσθη ὅπως τὸ ζήτημα λυθῇ διὰ τοῦ νομοσχεδίου καὶ τὰ κτήματα διανεμηθῶσιν εἰς τοὺς Ἀγχιαλίτας πρόσφυγας.

Ἀπεφασίσθη ἐπίσης ἡ ἀνέγερσις ἀναγκαιοτάτων κατοικιῶν διὰ τοὺς πρόσφυγας, οἵτινες διαμένουσιν εἰς τὸν Βόλον καὶ τὴν περιφέρειαν αὐτοῦ.

Οἱ κ.κ. Καρτάλης καὶ Βαλτατζῆς προσέφεραν μεγάλην ἔκτασιν γαιῶν εἰς τὴν Κυβέρνησιν διὰ τὴν ἐγκατάστασιν τῶν Ἀγχιαλιτῶν, ἡ δὲ προσφορὰ ἐγένετο δεκτή.

Διὰ τοῦτο τὸ ζήτημα θεωρεῖται λελυμένον καὶ ἡ ἐγκατάστασις θὰ ἀρχίσῃ ἐντὸς τῆς προσεχοῦς ἑβδομάδος ὑπὸ τὴν ἐπίβλεψιν ἐπιτροπῆς.

ἐκ τῶν προτέρων τὸ ἀπαίτημα αὐτῶν καὶ ἀφήνουν τὴν ἐπιτροπὴν τὸν εἰς τὴν Ἑλληνικὴν ἐπικράτειαν.

ΣΥΝΕΝΝΟΗΣΕΙΣ ΘΕΟΤΟΚΗ-ΔΡΑΓΟΥΜΗ

Ὁ κ. Θεοτόκης καὶ ὁ κ. Δραγούμης συνηντήθησαν χθὲς καὶ ἐσυζήτησαν ἐπὶ μακρὸν τὰ ἐκκρεμῆ ζητήματα τῆς Βουλῆς. Ὁ κ. Δραγούμης ἐδήλωσεν ὅτι ἡ ἀντιπολίτευσις θὰ ὑποστηρίξῃ τὸ νομοσχέδιον τῶν προσφύγων.

Ἀπεφασίσθη ἐπίσης ὅπως ἡ Βουλὴ συνέλθῃ τὴν προσεχῆ Τετάρτην διὰ τὴν ψήφισιν τῶν ἐκκρεμῶν νομοσχεδίων, ἐν οἷς καὶ τὸ περὶ ἐλαττώσεως τῶν Ἀρεοπαγιτῶν.

Ἀπὸ τῆς λύσεως τῆς ὑποθέσεως ταύτης ἐξαρτᾶται καὶ ἡ ὁμαλὴ λειτουργία τῆς Βουλῆς, ἐλπίζεται δὲ ὅτι ἡ ἔλλειψις ἀπαρτίας δὲν θὰ ἐπαναληφθῇ.

Τὸ νομοσχέδιον θὰ προταχθῇ.
